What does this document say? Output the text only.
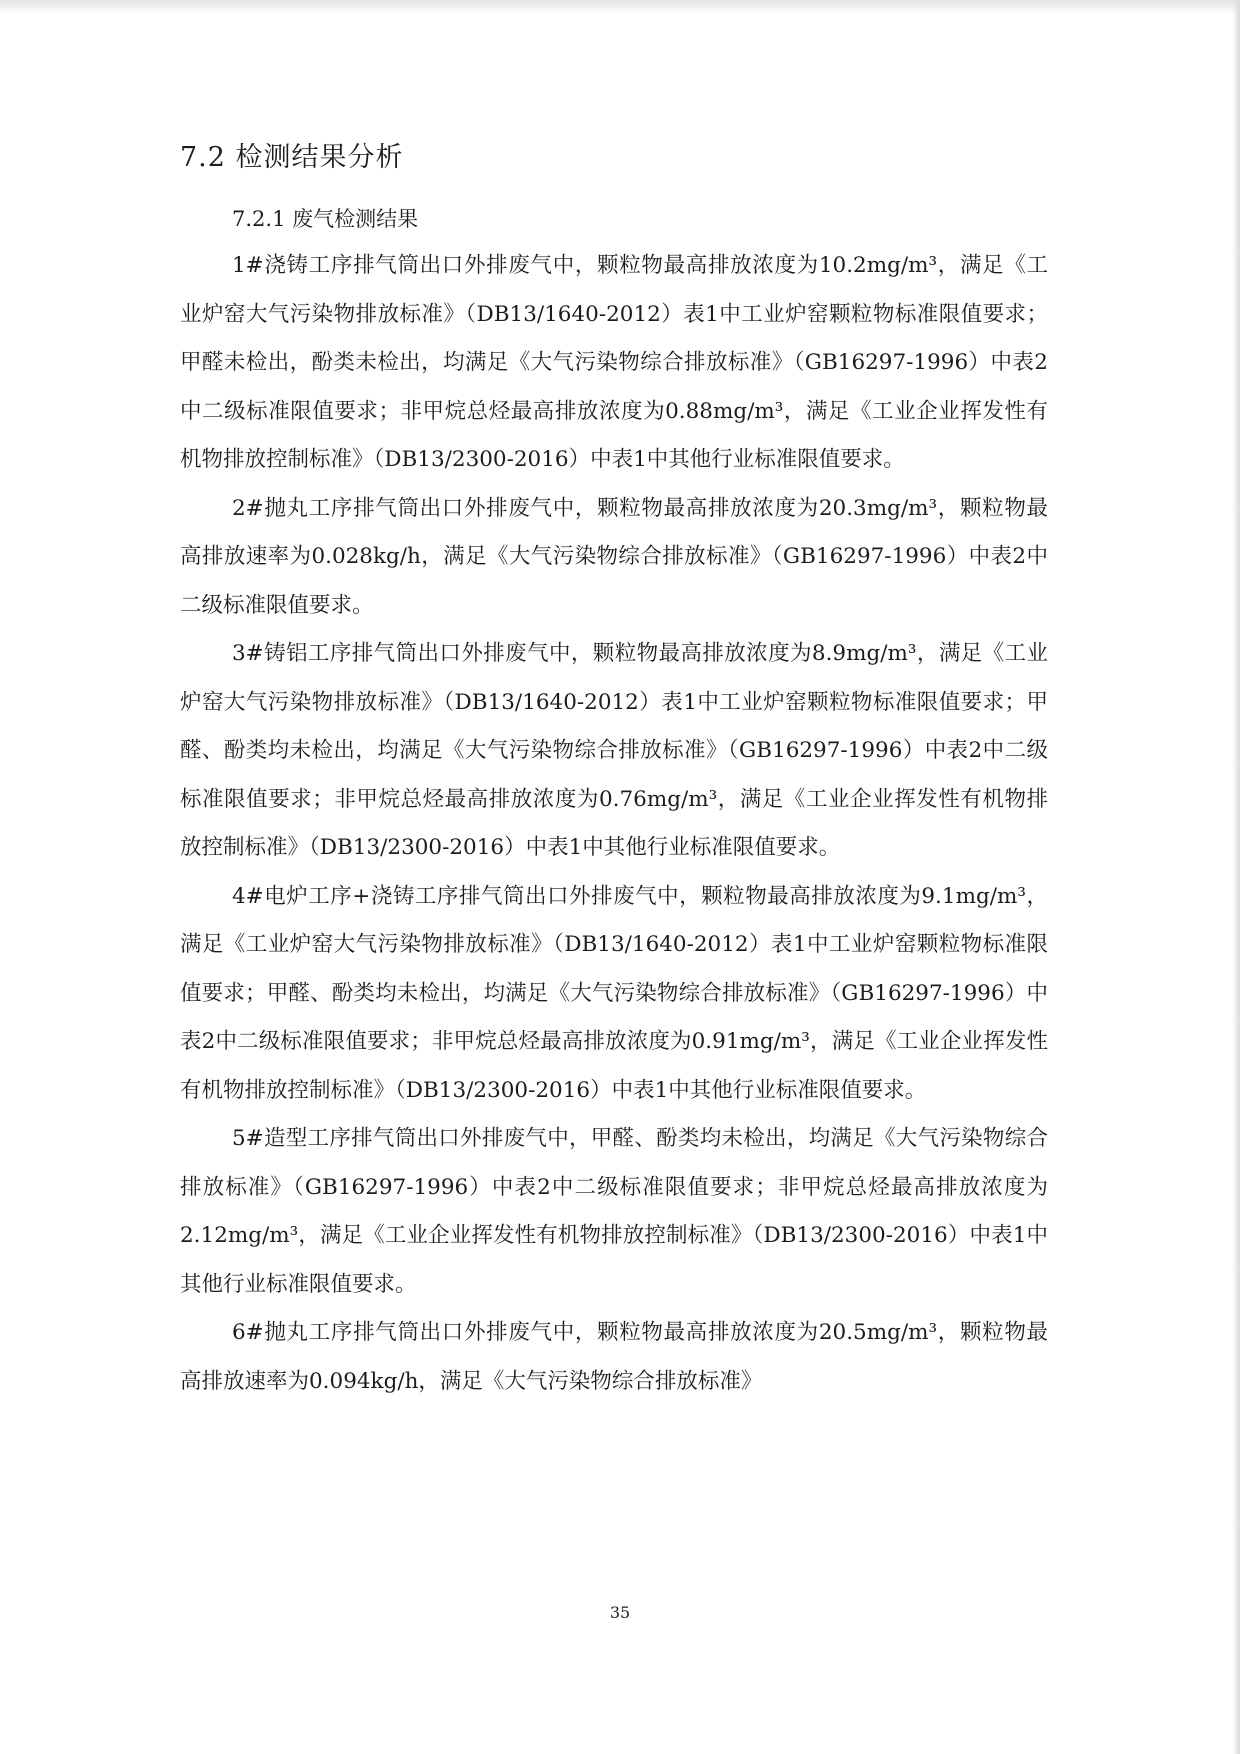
7.2 检测结果分析
7.2.1 废气检测结果

1#浇铸工序排气筒出口外排废气中，颗粒物最高排放浓度为10.2mg/m³，满足《工业炉窑大气污染物排放标准》（DB13/1640-2012）表1中工业炉窑颗粒物标准限值要求；甲醛未检出，酚类未检出，均满足《大气污染物综合排放标准》（GB16297-1996）中表2中二级标准限值要求；非甲烷总烃最高排放浓度为0.88mg/m³，满足《工业企业挥发性有机物排放控制标准》（DB13/2300-2016）中表1中其他行业标准限值要求。

2#抛丸工序排气筒出口外排废气中，颗粒物最高排放浓度为20.3mg/m³，颗粒物最高排放速率为0.028kg/h，满足《大气污染物综合排放标准》（GB16297-1996）中表2中二级标准限值要求。

3#铸铝工序排气筒出口外排废气中，颗粒物最高排放浓度为8.9mg/m³，满足《工业炉窑大气污染物排放标准》（DB13/1640-2012）表1中工业炉窑颗粒物标准限值要求；甲醛、酚类均未检出，均满足《大气污染物综合排放标准》（GB16297-1996）中表2中二级标准限值要求；非甲烷总烃最高排放浓度为0.76mg/m³，满足《工业企业挥发性有机物排放控制标准》（DB13/2300-2016）中表1中其他行业标准限值要求。

4#电炉工序+浇铸工序排气筒出口外排废气中，颗粒物最高排放浓度为9.1mg/m³，满足《工业炉窑大气污染物排放标准》（DB13/1640-2012）表1中工业炉窑颗粒物标准限值要求；甲醛、酚类均未检出，均满足《大气污染物综合排放标准》（GB16297-1996）中表2中二级标准限值要求；非甲烷总烃最高排放浓度为0.91mg/m³，满足《工业企业挥发性有机物排放控制标准》（DB13/2300-2016）中表1中其他行业标准限值要求。

5#造型工序排气筒出口外排废气中，甲醛、酚类均未检出，均满足《大气污染物综合排放标准》（GB16297-1996）中表2中二级标准限值要求；非甲烷总烃最高排放浓度为2.12mg/m³，满足《工业企业挥发性有机物排放控制标准》（DB13/2300-2016）中表1中其他行业标准限值要求。

6#抛丸工序排气筒出口外排废气中，颗粒物最高排放浓度为20.5mg/m³，颗粒物最高排放速率为0.094kg/h，满足《大气污染物综合排放标准》

35
